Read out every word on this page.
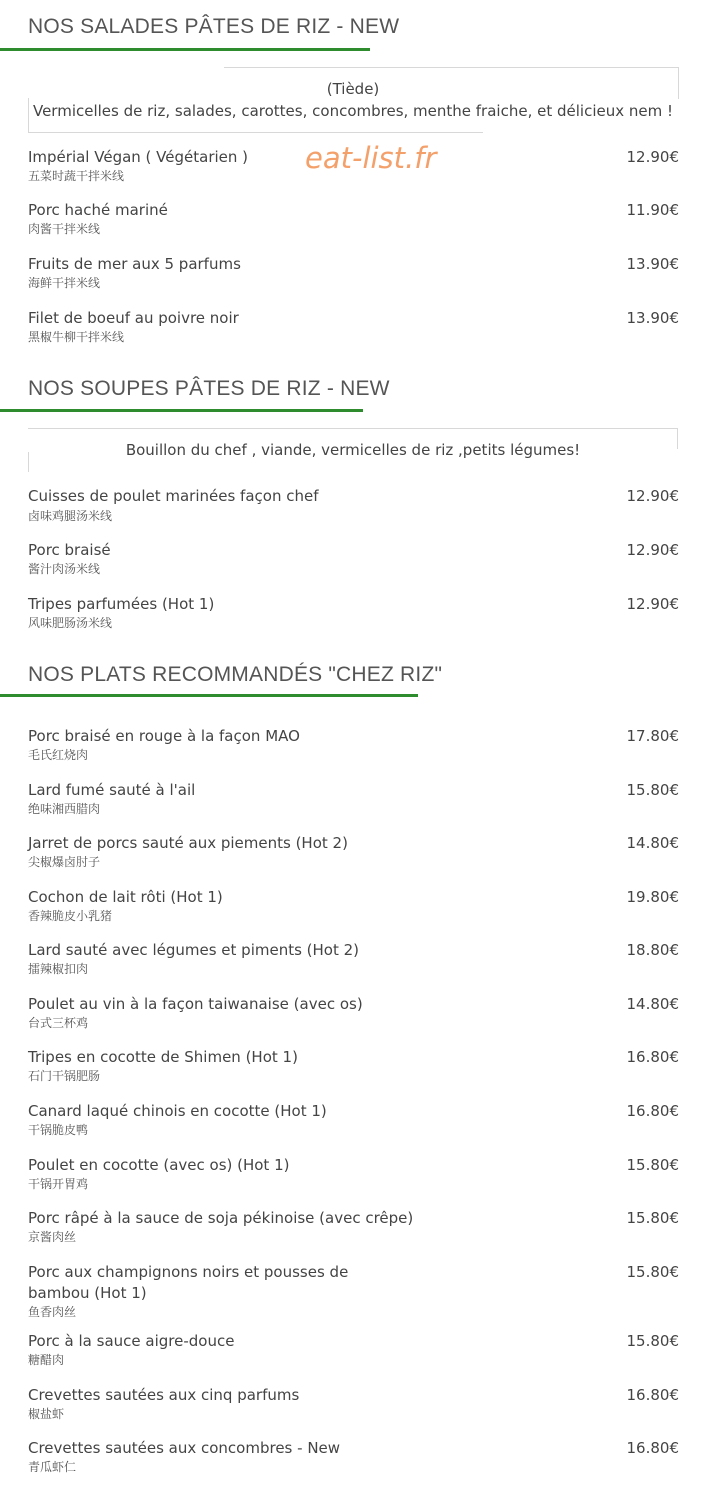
NOS SALADES PÂTES DE RIZ - NEW
(Tiède)
Vermicelles de riz, salades, carottes, concombres, menthe fraiche, et délicieux nem !
eat-list.fr
Impérial Végan ( Végétarien )
五菜时蔬干拌米线
12.90€
Porc haché mariné
肉酱干拌米线
11.90€
Fruits de mer aux 5 parfums
海鲜干拌米线
13.90€
Filet de boeuf au poivre noir
黑椒牛柳干拌米线
13.90€
NOS SOUPES PÂTES DE RIZ - NEW
Bouillon du chef , viande, vermicelles de riz ,petits légumes!
Cuisses de poulet marinées façon chef
卤味鸡腿汤米线
12.90€
Porc braisé
酱汁肉汤米线
12.90€
Tripes parfumées (Hot 1)
风味肥肠汤米线
12.90€
NOS PLATS RECOMMANDÉS "CHEZ RIZ"
Porc braisé en rouge à la façon MAO
毛氏红烧肉
17.80€
Lard fumé sauté à l'ail
绝味湘西腊肉
15.80€
Jarret de porcs sauté aux piements (Hot 2)
尖椒爆卤肘子
14.80€
Cochon de lait rôti (Hot 1)
香辣脆皮小乳猪
19.80€
Lard sauté avec légumes et piments (Hot 2)
擂辣椒扣肉
18.80€
Poulet au vin à la façon taiwanaise (avec os)
台式三杯鸡
14.80€
Tripes en cocotte de Shimen (Hot 1)
石门干锅肥肠
16.80€
Canard laqué chinois en cocotte (Hot 1)
干锅脆皮鸭
16.80€
Poulet en cocotte (avec os) (Hot 1)
干锅开胃鸡
15.80€
Porc râpé à la sauce de soja pékinoise (avec crêpe)
京酱肉丝
15.80€
Porc aux champignons noirs et pousses de
bambou (Hot 1)
鱼香肉丝
15.80€
Porc à la sauce aigre-douce
糖醋肉
15.80€
Crevettes sautées aux cinq parfums
椒盐虾
16.80€
Crevettes sautées aux concombres - New
青瓜虾仁
16.80€
